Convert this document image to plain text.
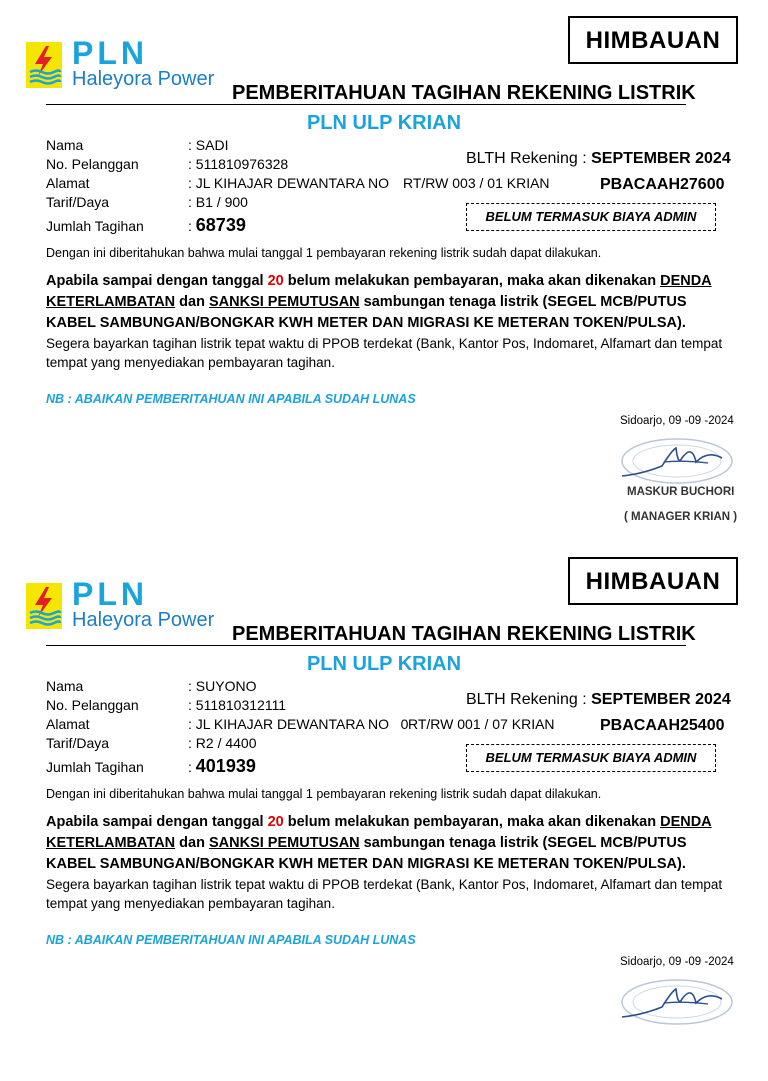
PLN
Haleyora Power
HIMBAUAN
PEMBERITAHUAN TAGIHAN REKENING LISTRIK
PLN ULP KRIAN
Nama	: SADI
No. Pelanggan	: 511810976328
Alamat	: JL KIHAJAR DEWANTARA NO
Tarif/Daya	: B1 / 900
Jumlah Tagihan	: 68739
RT/RW 003 / 01 KRIAN
BLTH Rekening : SEPTEMBER 2024
PBACAAH27600
BELUM TERMASUK BIAYA ADMIN
Dengan ini diberitahukan bahwa mulai tanggal 1 pembayaran rekening listrik sudah dapat dilakukan.
Apabila sampai dengan tanggal 20 belum melakukan pembayaran, maka akan dikenakan DENDA KETERLAMBATAN dan SANKSI PEMUTUSAN sambungan tenaga listrik (SEGEL MCB/PUTUS KABEL SAMBUNGAN/BONGKAR KWH METER DAN MIGRASI KE METERAN TOKEN/PULSA).
Segera bayarkan tagihan listrik tepat waktu di PPOB terdekat (Bank, Kantor Pos, Indomaret, Alfamart dan tempat tempat yang menyediakan pembayaran tagihan.
NB : ABAIKAN PEMBERITAHUAN INI APABILA SUDAH LUNAS
Sidoarjo, 09 -09 -2024
MASKUR BUCHORI
( MANAGER KRIAN )
PLN
Haleyora Power
HIMBAUAN
PEMBERITAHUAN TAGIHAN REKENING LISTRIK
PLN ULP KRIAN
Nama	: SUYONO
No. Pelanggan	: 511810312111
Alamat	: JL KIHAJAR DEWANTARA NO   0
Tarif/Daya	: R2 / 4400
Jumlah Tagihan	: 401939
RT/RW 001 / 07 KRIAN
BLTH Rekening : SEPTEMBER 2024
PBACAAH25400
BELUM TERMASUK BIAYA ADMIN
Dengan ini diberitahukan bahwa mulai tanggal 1 pembayaran rekening listrik sudah dapat dilakukan.
Apabila sampai dengan tanggal 20 belum melakukan pembayaran, maka akan dikenakan DENDA KETERLAMBATAN dan SANKSI PEMUTUSAN sambungan tenaga listrik (SEGEL MCB/PUTUS KABEL SAMBUNGAN/BONGKAR KWH METER DAN MIGRASI KE METERAN TOKEN/PULSA).
Segera bayarkan tagihan listrik tepat waktu di PPOB terdekat (Bank, Kantor Pos, Indomaret, Alfamart dan tempat tempat yang menyediakan pembayaran tagihan.
NB : ABAIKAN PEMBERITAHUAN INI APABILA SUDAH LUNAS
Sidoarjo, 09 -09 -2024
